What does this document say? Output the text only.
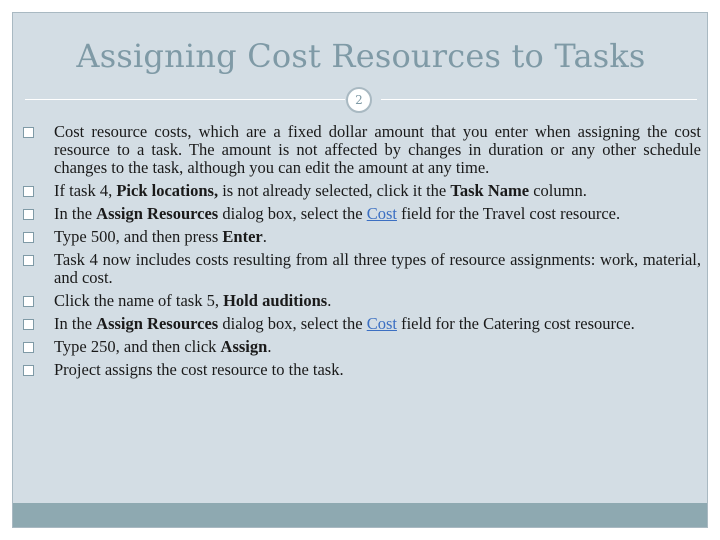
Assigning Cost Resources to Tasks
2
Cost resource costs, which are a fixed dollar amount that you enter when assigning the cost resource to a task. The amount is not affected by changes in duration or any other schedule changes to the task, although you can edit the amount at any time.
If task 4, Pick locations, is not already selected, click it the Task Name column.
In the Assign Resources dialog box, select the Cost field for the Travel cost resource.
Type 500, and then press Enter.
Task 4 now includes costs resulting from all three types of resource assignments: work, material, and cost.
Click the name of task 5, Hold auditions.
In the Assign Resources dialog box, select the Cost field for the Catering cost resource.
Type 250, and then click Assign.
Project assigns the cost resource to the task.
